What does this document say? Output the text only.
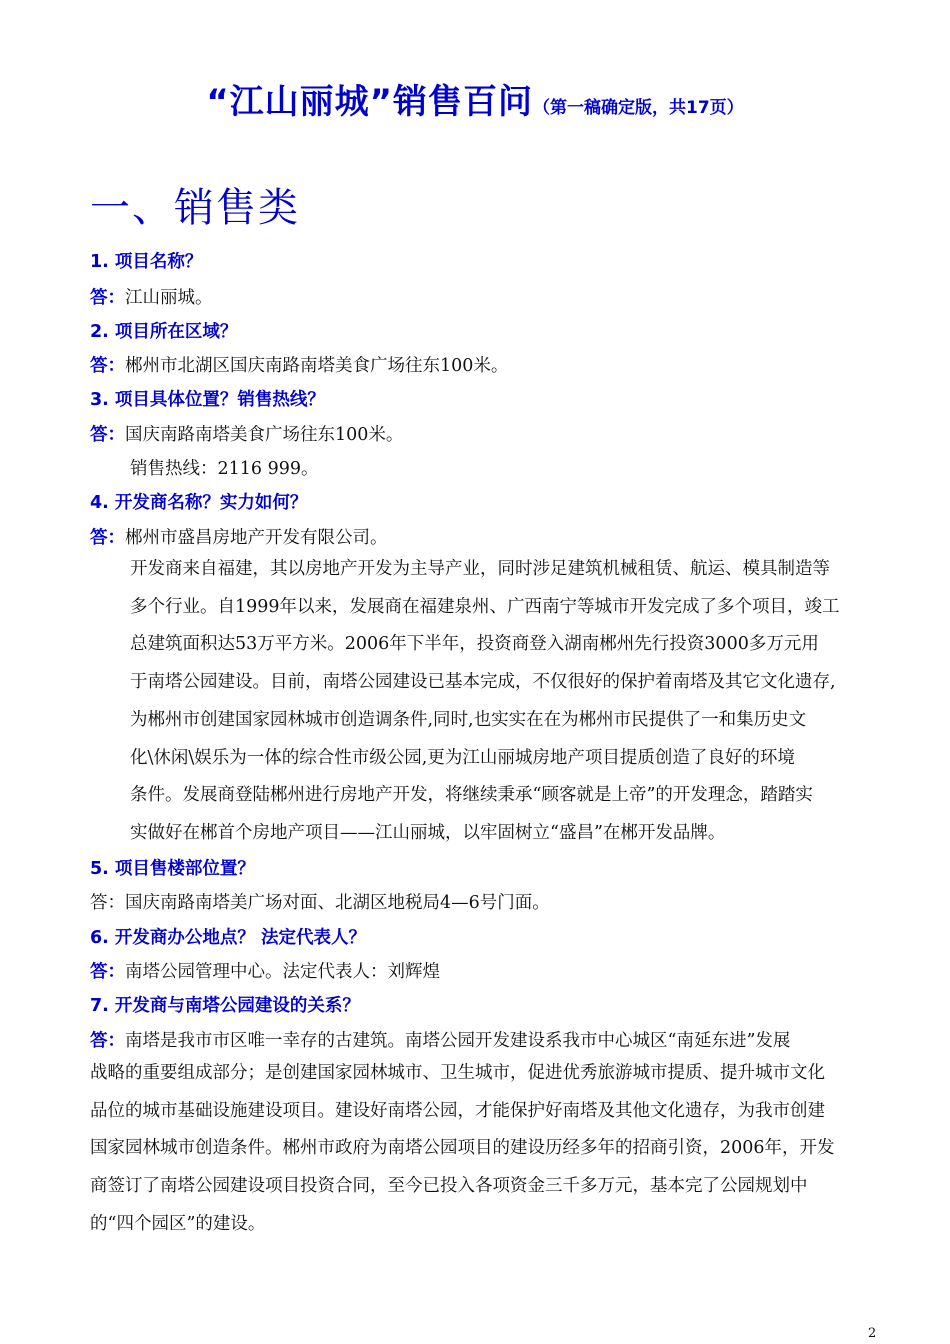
“江山丽城”销售百问（第一稿确定版，共17页）
一、销售类
1. 项目名称？
答：江山丽城。
2. 项目所在区域？
答：郴州市北湖区国庆南路南塔美食广场往东100米。
3. 项目具体位置？销售热线？
答：国庆南路南塔美食广场往东100米。
销售热线：2116 999。
4. 开发商名称？实力如何？
答：郴州市盛昌房地产开发有限公司。
开发商来自福建，其以房地产开发为主导产业，同时涉足建筑机械租赁、航运、模具制造等
多个行业。自1999年以来，发展商在福建泉州、广西南宁等城市开发完成了多个项目，竣工
总建筑面积达53万平方米。2006年下半年，投资商登入湖南郴州先行投资3000多万元用
于南塔公园建设。目前，南塔公园建设已基本完成，不仅很好的保护着南塔及其它文化遗存,
为郴州市创建国家园林城市创造调条件,同时,也实实在在为郴州市民提供了一和集历史文
化\休闲\娱乐为一体的综合性市级公园,更为江山丽城房地产项目提质创造了良好的环境
条件。发展商登陆郴州进行房地产开发，将继续秉承“顾客就是上帝”的开发理念，踏踏实
实做好在郴首个房地产项目——江山丽城，以牢固树立“盛昌”在郴开发品牌。
5. 项目售楼部位置？
答：国庆南路南塔美广场对面、北湖区地税局4—6号门面。
6. 开发商办公地点？ 法定代表人？
答：南塔公园管理中心。法定代表人：刘辉煌
7. 开发商与南塔公园建设的关系？
答：南塔是我市市区唯一幸存的古建筑。南塔公园开发建设系我市中心城区“南延东进”发展
战略的重要组成部分；是创建国家园林城市、卫生城市，促进优秀旅游城市提质、提升城市文化
品位的城市基础设施建设项目。建设好南塔公园，才能保护好南塔及其他文化遗存，为我市创建
国家园林城市创造条件。郴州市政府为南塔公园项目的建设历经多年的招商引资，2006年，开发
商签订了南塔公园建设项目投资合同，至今已投入各项资金三千多万元，基本完了公园规划中
的“四个园区”的建设。
2
